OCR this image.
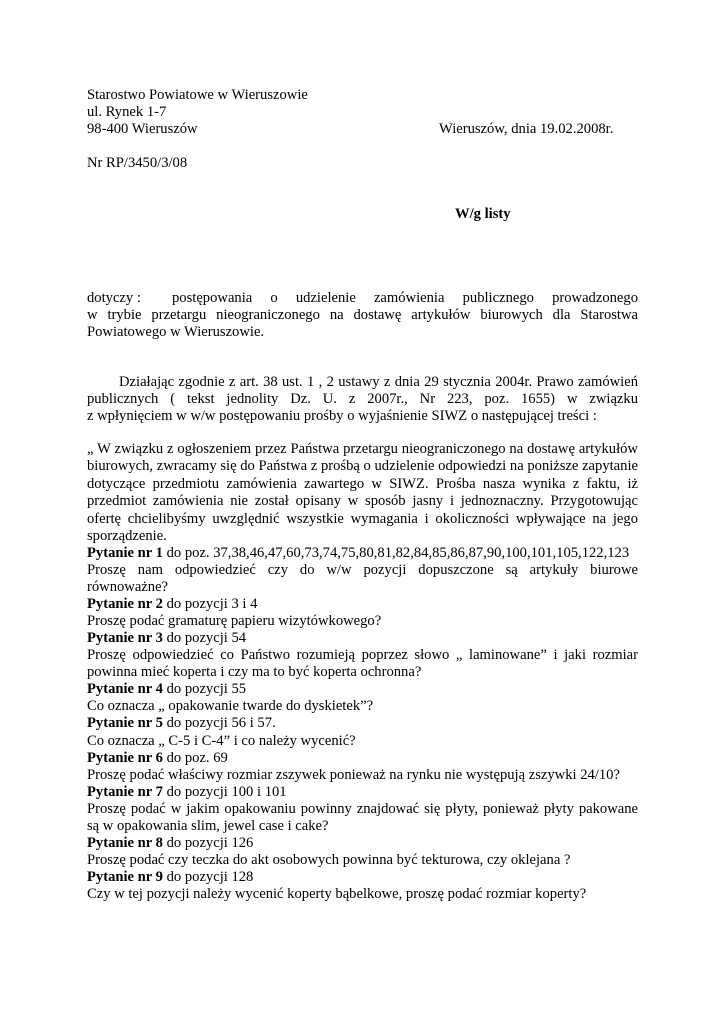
Starostwo Powiatowe w Wieruszowie
ul. Rynek 1-7
98-400 Wieruszów	Wieruszów, dnia 19.02.2008r.
Nr RP/3450/3/08
W/g listy
dotyczy : postępowania o udzielenie zamówienia publicznego prowadzonego
w trybie przetargu nieograniczonego na dostawę artykułów biurowych dla Starostwa
Powiatowego w Wieruszowie.
Działając zgodnie z art. 38 ust. 1 , 2 ustawy z dnia 29 stycznia 2004r. Prawo zamówień
publicznych ( tekst jednolity Dz. U. z 2007r., Nr 223, poz. 1655) w związku
z wpłynięciem w w/w postępowaniu prośby o wyjaśnienie SIWZ o następującej treści :
„ W związku z ogłoszeniem przez Państwa przetargu nieograniczonego na dostawę artykułów
biurowych, zwracamy się do Państwa z prośbą o udzielenie odpowiedzi na poniższe zapytanie
dotyczące przedmiotu zamówienia zawartego w SIWZ. Prośba nasza wynika z faktu, iż
przedmiot zamówienia nie został opisany w sposób jasny i jednoznaczny. Przygotowując
ofertę chcielibyśmy uwzględnić wszystkie wymagania i okoliczności wpływające na jego
sporządzenie.
Pytanie nr 1 do poz. 37,38,46,47,60,73,74,75,80,81,82,84,85,86,87,90,100,101,105,122,123
Proszę nam odpowiedzieć czy do w/w pozycji dopuszczone są artykuły biurowe
równoważne?
Pytanie nr 2 do pozycji 3 i 4
Proszę podać gramaturę papieru wizytówkowego?
Pytanie nr 3 do pozycji 54
Proszę odpowiedzieć co Państwo rozumieją poprzez słowo „ laminowane” i jaki rozmiar
powinna mieć koperta i czy ma to być koperta ochronna?
Pytanie nr 4 do pozycji 55
Co oznacza „ opakowanie twarde do dyskietek”?
Pytanie nr 5 do pozycji 56 i 57.
Co oznacza „ C-5 i C-4” i co należy wycenić?
Pytanie nr 6 do poz. 69
Proszę podać właściwy rozmiar zszywek ponieważ na rynku nie występują zszywki 24/10?
Pytanie nr 7 do pozycji 100 i 101
Proszę podać w jakim opakowaniu powinny znajdować się płyty, ponieważ płyty pakowane
są w opakowania slim, jewel case i cake?
Pytanie nr 8 do pozycji 126
Proszę podać czy teczka do akt osobowych powinna być tekturowa, czy oklejana ?
Pytanie nr 9 do pozycji 128
Czy w tej pozycji należy wycenić koperty bąbelkowe, proszę podać rozmiar koperty?
